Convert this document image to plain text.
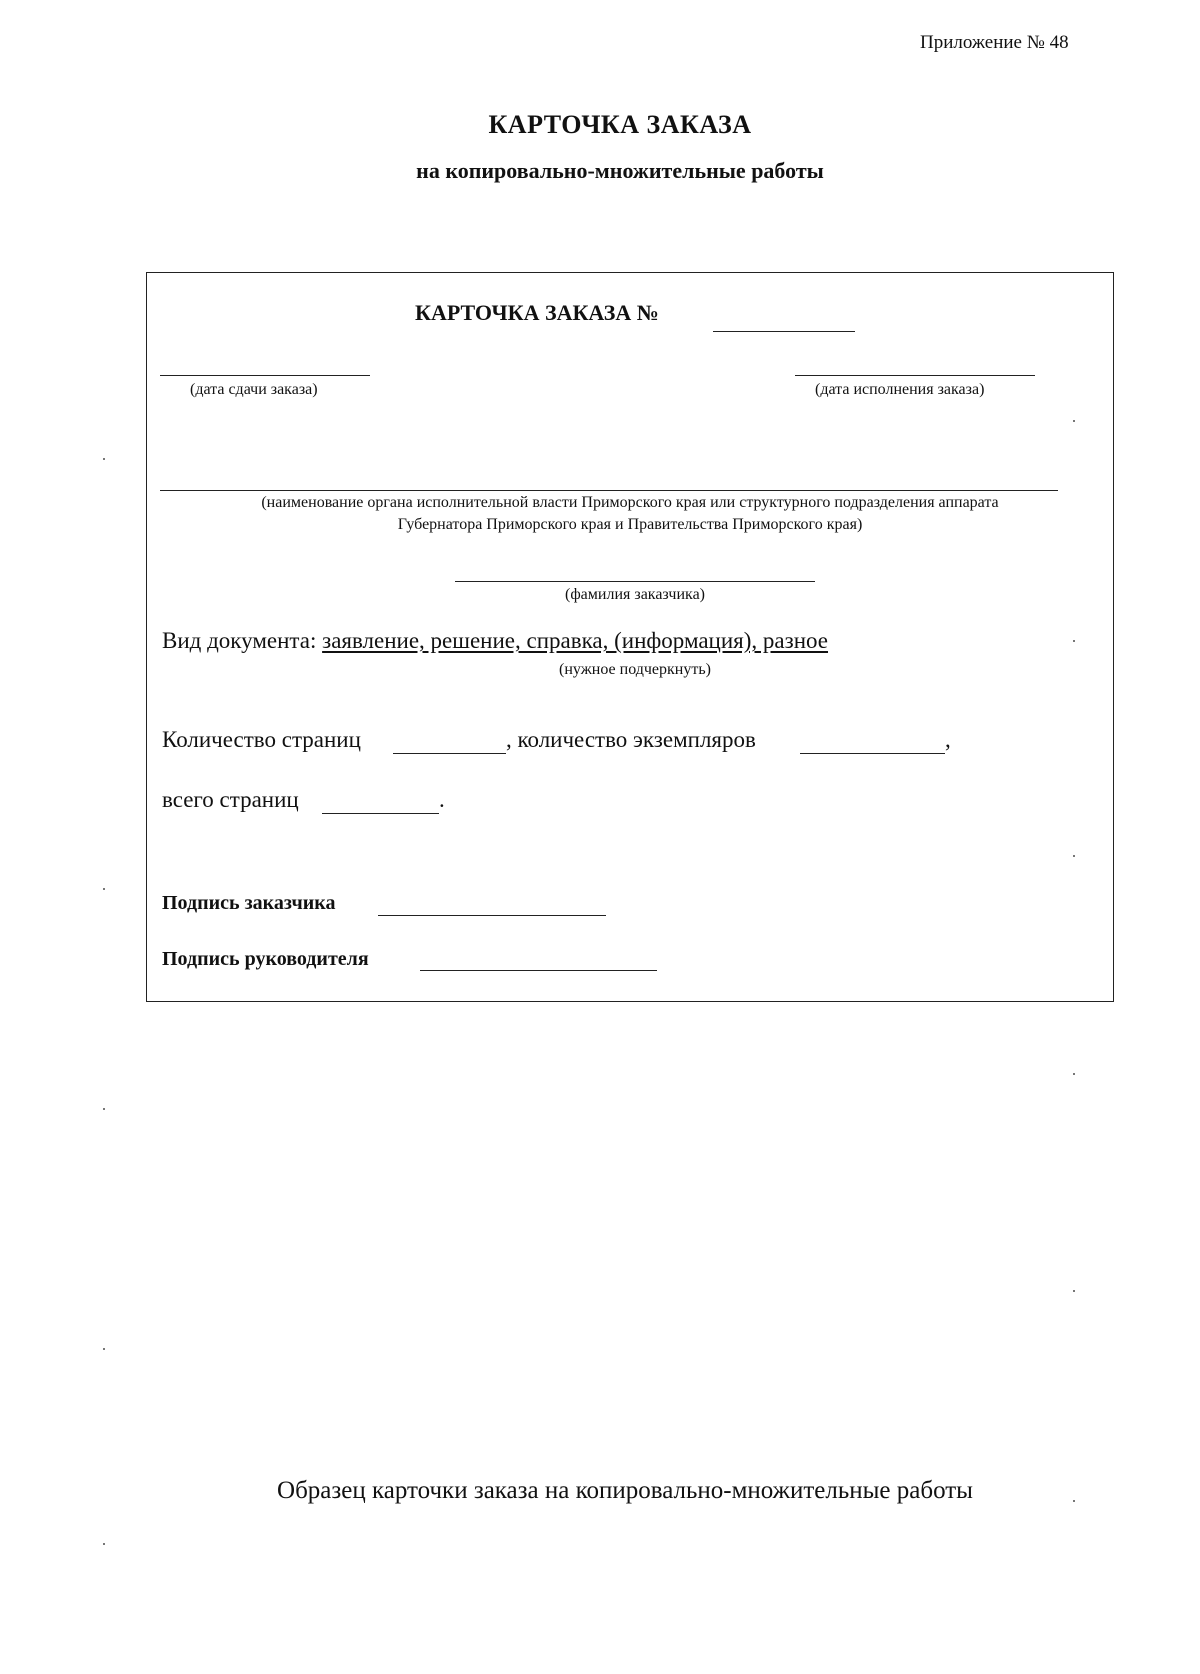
Приложение № 48
КАРТОЧКА ЗАКАЗА
на копировально-множительные работы
КАРТОЧКА ЗАКАЗА №
(дата сдачи заказа)	(дата исполнения заказа)
(наименование органа исполнительной власти Приморского края или структурного подразделения аппарата
Губернатора Приморского края и Правительства Приморского края)
(фамилия заказчика)
Вид документа: заявление, решение, справка, (информация), разное
(нужное подчеркнуть)
Количество страниц	, количество экземпляров	,
всего страниц	.
Подпись заказчика
Подпись руководителя
Образец карточки заказа на копировально-множительные работы
